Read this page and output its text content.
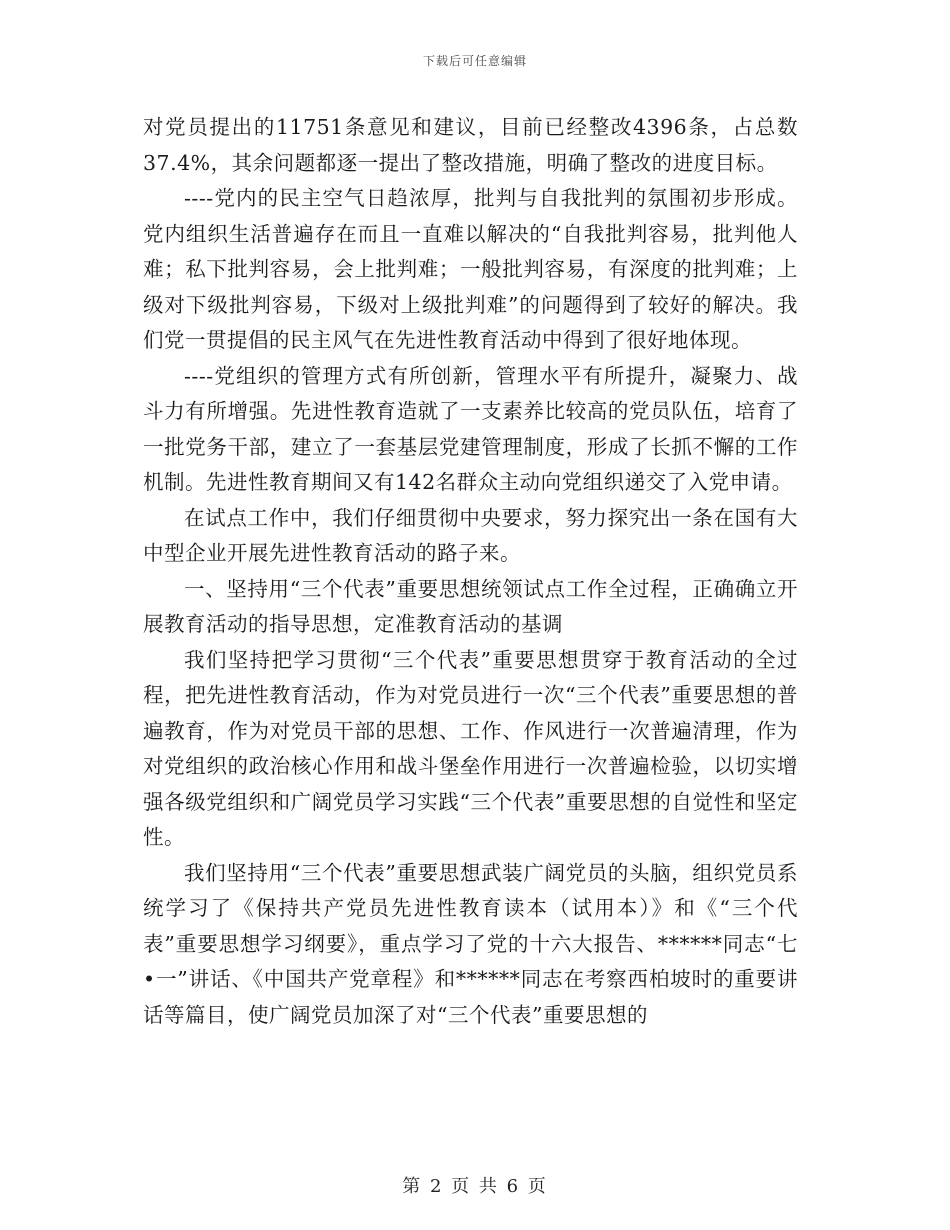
下载后可任意编辑

对党员提出的11751条意见和建议，目前已经整改4396条，占总数37.4%，其余问题都逐一提出了整改措施，明确了整改的进度目标。

----党内的民主空气日趋浓厚，批判与自我批判的氛围初步形成。党内组织生活普遍存在而且一直难以解决的“自我批判容易，批判他人难；私下批判容易，会上批判难；一般批判容易，有深度的批判难；上级对下级批判容易，下级对上级批判难”的问题得到了较好的解决。我们党一贯提倡的民主风气在先进性教育活动中得到了很好地体现。

----党组织的管理方式有所创新，管理水平有所提升，凝聚力、战斗力有所增强。先进性教育造就了一支素养比较高的党员队伍，培育了一批党务干部，建立了一套基层党建管理制度，形成了长抓不懈的工作机制。先进性教育期间又有142名群众主动向党组织递交了入党申请。

在试点工作中，我们仔细贯彻中央要求，努力探究出一条在国有大中型企业开展先进性教育活动的路子来。

一、坚持用“三个代表”重要思想统领试点工作全过程，正确确立开展教育活动的指导思想，定准教育活动的基调

我们坚持把学习贯彻“三个代表”重要思想贯穿于教育活动的全过程，把先进性教育活动，作为对党员进行一次“三个代表”重要思想的普遍教育，作为对党员干部的思想、工作、作风进行一次普遍清理，作为对党组织的政治核心作用和战斗堡垒作用进行一次普遍检验，以切实增强各级党组织和广阔党员学习实践“三个代表”重要思想的自觉性和坚定性。

我们坚持用“三个代表”重要思想武装广阔党员的头脑，组织党员系统学习了《保持共产党员先进性教育读本（试用本）》和《“三个代表”重要思想学习纲要》，重点学习了党的十六大报告、******同志“七•一”讲话、《中国共产党章程》和******同志在考察西柏坡时的重要讲话等篇目，使广阔党员加深了对“三个代表”重要思想的

第 2 页 共 6 页
